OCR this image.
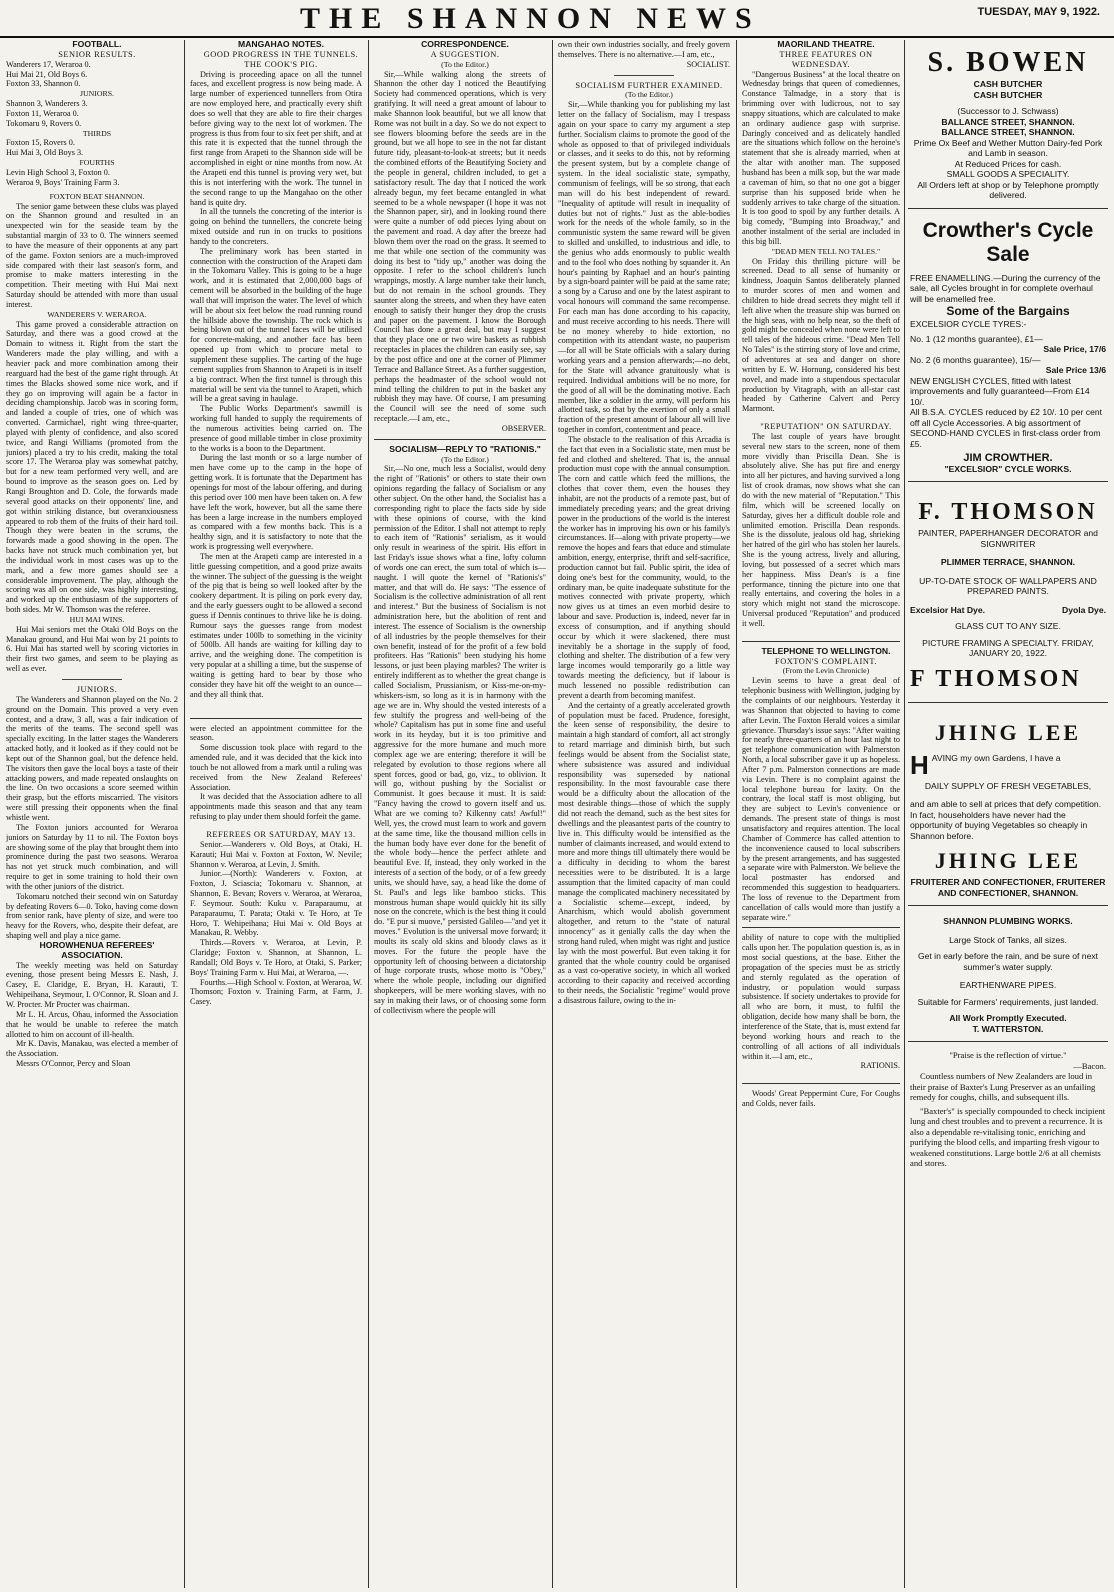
THE SHANNON NEWS	TUESDAY, MAY 9, 1922.

FOOTBALL.

SENIOR RESULTS.

Wanderers 17, Weraroa 0.
Hui Mai 21, Old Boys 6.
Foxton 33, Shannon 0.

JUNIORS.

Shannon 3, Wanderers 3.
Foxton 11, Weraroa 0.
Tokomaru 9, Rovers 0.

THIRDS

Foxton 15, Rovers 0.
Hui Mai 3, Old Boys 3.

FOURTHS

Levin High School 3, Foxton 0.
Weraroa 9, Boys' Training Farm 3.

FOXTON BEAT SHANNON.

The senior game between these clubs was played on the Shannon ground and resulted in an unexpected win for the seaside team by the substantial margin of 33 to 0. The winners seemed to have the measure of their opponents at any part of the game. Foxton seniors are a much-improved side compared with their last season's form, and promise to make matters interesting in the competition. Their meeting with Hui Mai next Saturday should be attended with more than usual interest.

WANDERERS V. WERAROA.

This game proved a considerable attraction on Saturday, and there was a good crowd at the Domain to witness it. Right from the start the Wanderers made the play willing, and with a heavier pack and more combination among their rearguard had the best of the game right through. At times the Blacks showed some nice work, and if they go on improving will again be a factor in deciding championship. Jacob was in scoring form, and landed a couple of tries, one of which was converted. Carmichael, right wing three-quarter, played with plenty of confidence, and also scored twice, and Rangi Williams (promoted from the juniors) placed a try to his credit, making the total score 17. The Weraroa play was somewhat patchy, but for a new team performed very well, and are bound to improve as the season goes on. Led by Rangi Broughton and D. Cole, the forwards made several good attacks on their opponents' line, and got within striking distance, but overanxiousness appeared to rob them of the fruits of their hard toil. Though they were beaten in the scrums, the forwards made a good showing in the open. The backs have not struck much combination yet, but the individual work in most cases was up to the mark, and a few more games should see a considerable improvement. The play, although the scoring was all on one side, was highly interesting, and worked up the enthusiasm of the supporters of both sides. Mr W. Thomson was the referee.

HUI MAI WINS.

Hui Mai seniors met the Otaki Old Boys on the Manakau ground, and Hui Mai won by 21 points to 6. Hui Mai has started well by scoring victories in their first two games, and seem to be playing as well as ever.

JUNIORS.

The Wanderers and Shannon played on the No. 2 ground on the Domain. This proved a very even contest, and a draw, 3 all, was a fair indication of the merits of the teams. The second spell was specially exciting. In the latter stages the Wanderers attacked hotly, and it looked as if they could not be kept out of the Shannon goal, but the defence held. The visitors then gave the local boys a taste of their attacking powers, and made repeated onslaughts on the line. On two occasions a score seemed within their grasp, but the efforts miscarried. The visitors were still pressing their opponents when the final whistle went.

The Foxton juniors accounted for Weraroa juniors on Saturday by 11 to nil. The Foxton boys are showing some of the play that brought them into prominence during the past two seasons. Weraroa has not yet struck much combination, and will require to get in some training to hold their own with the other juniors of the district.

Tokomaru notched their second win on Saturday by defeating Rovers 6—0. Toko, having come down from senior rank, have plenty of size, and were too heavy for the Rovers, who, despite their defeat, are shaping well and play a nice game.

HOROWHENUA REFEREES' ASSOCIATION.

The weekly meeting was held on Saturday evening, those present being Messrs E. Nash, J. Casey, E. Claridge, E. Bryan, H. Karauti, T. Wehipeihana, Seymour, I. O'Connor, R. Sloan and J. W. Procter. Mr Procter was chairman.

Mr L. H. Arcus, Ohau, informed the Association that he would be unable to referee the match allotted to him on account of ill-health.

Mr K. Davis, Manakau, was elected a member of the Association.

Messrs O'Connor, Percy and Sloan

MANGAHAO NOTES.

GOOD PROGRESS IN THE TUNNELS.

THE COOK'S PIG.

Driving is proceeding apace on all the tunnel faces, and excellent progress is now being made. A large number of experienced tunnellers from Otira are now employed here, and practically every shift does so well that they are able to fire their charges before giving way to the next lot of workmen. The progress is thus from four to six feet per shift, and at this rate it is expected that the tunnel through the first range from Arapeti to the Shannon side will be accomplished in eight or nine months from now. At the Arapeti end this tunnel is proving very wet, but this is not interfering with the work. The tunnel in the second range to up the Mangahao on the other hand is quite dry.

In all the tunnels the concreting of the interior is going on behind the tunnellers, the concrete being mixed outside and run in on trucks to positions handy to the concreters.

The preliminary work has been started in connection with the construction of the Arapeti dam in the Tokomaru Valley. This is going to be a huge work, and it is estimated that 2,000,000 bags of cement will be absorbed in the building of the huge wall that will imprison the water. The level of which will be about six feet below the road running round the hillside above the township. The rock which is being blown out of the tunnel faces will be utilised for concrete-making, and another face has been opened up from which to procure metal to supplement these supplies. The carting of the huge cement supplies from Shannon to Arapeti is in itself a big contract. When the first tunnel is through this material will be sent via the tunnel to Arapeti, which will be a great saving in haulage.

The Public Works Department's sawmill is working full handed to supply the requirements of the numerous activities being carried on. The presence of good millable timber in close proximity to the works is a boon to the Department.

During the last month or so a large number of men have come up to the camp in the hope of getting work. It is fortunate that the Department has openings for most of the labour offering, and during this period over 100 men have been taken on. A few have left the work, however, but all the same there has been a large increase in the numbers employed as compared with a few months back. This is a healthy sign, and it is satisfactory to note that the work is progressing well everywhere.

The men at the Arapeti camp are interested in a little guessing competition, and a good prize awaits the winner. The subject of the guessing is the weight of the pig that is being so well looked after by the cookery department. It is piling on pork every day, and the early guessers ought to be allowed a second guess if Dennis continues to thrive like he is doing. Rumour says the guesses range from modest estimates under 100lb to something in the vicinity of 500lb. All hands are waiting for killing day to arrive, and the weighing done. The competition is very popular at a shilling a time, but the suspense of waiting is getting hard to bear by those who consider they have hit off the weight to an ounce—and they all think that.

were elected an appointment committee for the season.

Some discussion took place with regard to the amended rule, and it was decided that the kick into touch be not allowed from a mark until a ruling was received from the New Zealand Referees' Association.

It was decided that the Association adhere to all appointments made this season and that any team refusing to play under them should forfeit the game.

REFEREES OR SATURDAY, MAY 13.

Senior.—Wanderers v. Old Boys, at Otaki, H. Karauti; Hui Mai v. Foxton at Foxton, W. Nevile; Shannon v. Weraroa, at Levin, J. Smith.

Junior.—(North): Wanderers v. Foxton, at Foxton, J. Sciascia; Tokomaru v. Shannon, at Shannon, E. Bevan; Rovers v. Weraroa, at Weraroa, F. Seymour. South: Kuku v. Paraparaumu, at Paraparaumu, T. Parata; Otaki v. Te Horo, at Te Horo, T. Wehipeihana; Hui Mai v. Old Boys at Manakau, R. Webby.

Thirds.—Rovers v. Weraroa, at Levin, P. Claridge; Foxton v. Shannon, at Shannon, L. Randall; Old Boys v. Te Horo, at Otaki, S. Parker; Boys' Training Farm v. Hui Mai, at Weraroa, —.

Fourths.—High School v. Foxton, at Weraroa, W. Thomson; Foxton v. Training Farm, at Farm, J. Casey.

CORRESPONDENCE.

A SUGGESTION.

(To the Editor.)

Sir,—While walking along the streets of Shannon the other day I noticed the Beautifying Society had commenced operations, which is very gratifying. It will need a great amount of labour to make Shannon look beautiful, but we all know that Rome was not built in a day. So we do not expect to see flowers blooming before the seeds are in the ground, but we all hope to see in the not far distant future tidy, pleasant-to-look-at streets; but it needs the combined efforts of the Beautifying Society and the people in general, children included, to get a satisfactory result. The day that I noticed the work already begun, my feet became entangled in what seemed to be a whole newspaper (I hope it was not the Shannon paper, sir), and in looking round there were quite a number of odd pieces lying about on the pavement and road. A day after the breeze had blown them over the road on the grass. It seemed to me that while one section of the community was doing its best to "tidy up," another was doing the opposite. I refer to the school children's lunch wrappings, mostly. A large number take their lunch, but do not remain in the school grounds. They saunter along the streets, and when they have eaten enough to satisfy their hunger they drop the crusts and paper on the pavement. I know the Borough Council has done a great deal, but may I suggest that they place one or two wire baskets as rubbish receptacles in places the children can easily see, say by the post office and one at the corner of Plimmer Terrace and Ballance Street. As a further suggestion, perhaps the headmaster of the school would not mind telling the children to put in the basket any rubbish they may have. Of course, I am presuming the Council will see the need of some such receptacle.—I am, etc.,

OBSERVER.

SOCIALISM—REPLY TO "RATIONIS."

(To the Editor.)

Sir,—No one, much less a Socialist, would deny the right of "Rationis" or others to state their own opinions regarding the fallacy of Socialism or any other subject. On the other hand, the Socialist has a corresponding right to place the facts side by side with these opinions of course, with the kind permission of the Editor. I shall not attempt to reply to each item of "Rationis" serialism, as it would only result in weariness of the spirit. His effort in last Friday's issue shows what a fine, lofty column of words one can erect, the sum total of which is—naught. I will quote the kernel of "Rationis's" matter, and that will do. He says: "The essence of Socialism is the collective administration of all rent and interest." But the business of Socialism is not administration here, but the abolition of rent and interest. The essence of Socialism is the ownership of all industries by the people themselves for their own benefit, instead of for the profit of a few bold profiteers. Has "Rationis" been studying his home lessons, or just been playing marbles? The writer is entirely indifferent as to whether the great change is called Socialism, Prussianism, or Kiss-me-on-my-whiskers-ism, so long as it is in harmony with the age we are in. Why should the vested interests of a few stultify the progress and well-being of the whole? Capitalism has put in some fine and useful work in its heyday, but it is too primitive and aggressive for the more humane and much more complex age we are entering; therefore it will be relegated by evolution to those regions where all spent forces, good or bad, go, viz., to oblivion. It will go, without pushing by the Socialist or Communist. It goes because it must. It is said: "Fancy having the crowd to govern itself and us. What are we coming to? Kilkenny cats! Awful!" Well, yes, the crowd must learn to work and govern at the same time, like the thousand million cells in the human body have ever done for the benefit of the whole body—hence the perfect athlete and beautiful Eve. If, instead, they only worked in the interests of a section of the body, or of a few greedy units, we should have, say, a head like the dome of St. Paul's and legs like bamboo sticks. This monstrous human shape would quickly hit its silly nose on the concrete, which is the best thing it could do. "E pur si muove," persisted Galileo—"and yet it moves." Evolution is the universal move forward; it moults its scaly old skins and bloody claws as it moves. For the future the people have the opportunity left of choosing between a dictatorship of huge corporate trusts, whose motto is "Obey," where the whole people, including our dignified shopkeepers, will be mere working slaves, with no say in making their laws, or of choosing some form of collectivism where the people will

own their own industries socially, and freely govern themselves. There is no alternative.—I am, etc.,

SOCIALIST.

SOCIALISM FURTHER EXAMINED.

(To the Editor.)

Sir,—While thanking you for publishing my last letter on the fallacy of Socialism, may I trespass again on your space to carry my argument a step further. Socialism claims to promote the good of the whole as opposed to that of privileged individuals or classes, and it seeks to do this, not by reforming the present system, but by a complete change of system. In the ideal socialistic state, sympathy, communism of feelings, will be so strong, that each man will do his best independent of reward. "Inequality of aptitude will result in inequality of duties but not of rights." Just as the able-bodies work for the needs of the whole family, so in the communistic system the same reward will be given to skilled and unskilled, to industrious and idle, to the genius who adds enormously to public wealth and to the fool who does nothing by squander it. An hour's painting by Raphael and an hour's painting by a sign-board painter will be paid at the same rate; a song by a Caruso and one by the latest aspirant to vocal honours will command the same recompense. For each man has done according to his capacity, and must receive according to his needs. There will be no money whereby to hide extortion, no competition with its attendant waste, no pauperism—for all will be State officials with a salary during working years and a pension afterwards;—no debt, for the State will advance gratuitously what is required. Individual ambitions will be no more, for the good of all will be the dominating motive. Each member, like a soldier in the army, will perform his allotted task, so that by the exertion of only a small fraction of the present amount of labour all will live together in comfort, contentment and peace.

The obstacle to the realisation of this Arcadia is the fact that even in a Socialistic state, men must be fed and clothed and sheltered. That is, the annual production must cope with the annual consumption. The corn and cattle which feed the millions, the clothes that cover them, even the houses they inhabit, are not the products of a remote past, but of immediately preceding years; and the great driving power in the productions of the world is the interest the worker has in improving his own or his family's circumstances. If—along with private property—we remove the hopes and fears that educe and stimulate ambition, energy, enterprise, thrift and self-sacrifice, production cannot but fail. Public spirit, the idea of doing one's best for the community, would, to the ordinary man, be quite inadequate substitute for the motives connected with private property, which now gives us at times an even morbid desire to labour and save. Production is, indeed, never far in excess of consumption, and if anything should occur by which it were slackened, there must inevitably be a shortage in the supply of food, clothing and shelter. The distribution of a few very large incomes would temporarily go a little way towards meeting the deficiency, but if labour is much lessened no possible redistribution can prevent a dearth from becoming manifest.

And the certainty of a greatly accelerated growth of population must be faced. Prudence, foresight, the keen sense of responsibility, the desire to maintain a high standard of comfort, all act strongly to retard marriage and diminish birth, but such feelings would be absent from the Socialist state, where subsistence was assured and individual responsibility was superseded by national responsibility. In the most favourable case there would be a difficulty about the allocation of the most desirable things—those of which the supply did not reach the demand, such as the best sites for dwellings and the pleasantest parts of the country to live in. This difficulty would be intensified as the number of claimants increased, and would extend to more and more things till ultimately there would be a difficulty in deciding to whom the barest necessities were to be distributed. It is a large assumption that the limited capacity of man could manage the complicated machinery necessitated by a Socialistic scheme—except, indeed, by Anarchism, which would abolish government altogether, and return to the "state of natural innocency" as it genially calls the day when the strong hand ruled, when might was right and justice lay with the most powerful. But even taking it for granted that the whole country could be organised as a vast co-operative society, in which all worked according to their capacity and received according to their needs, the Socialistic "regime" would prove a disastrous failure, owing to the in-

MAORILAND THEATRE.

THREE FEATURES ON WEDNESDAY.

"Dangerous Business" at the local theatre on Wednesday brings that queen of comediennes, Constance Talmadge, in a story that is brimming over with ludicrous, not to say snappy situations, which are calculated to make an ordinary audience gasp with surprise. Daringly conceived and as delicately handled are the situations which follow on the heroine's statement that she is already married, when at the altar with another man. The supposed husband has been a milk sop, but the war made a caveman of him, so that no one got a bigger surprise than his supposed bride when he suddenly arrives to take charge of the situation. It is too good to spoil by any further details. A big comedy, "Bumping into Broadway," and another instalment of the serial are included in this big bill.

"DEAD MEN TELL NO TALES."

On Friday this thrilling picture will be screened. Dead to all sense of humanity or kindness, Joaquin Santos deliberately planned to murder scores of men and women and children to hide dread secrets they might tell if left alive when the treasure ship was burned on the high seas, with no help near, so the theft of gold might be concealed when none were left to tell tales of the hideous crime. "Dead Men Tell No Tales" is the stirring story of love and crime, of adventures at sea and danger on shore written by E. W. Hornung, considered his best novel, and made into a stupendous spectacular production by Vitagraph, with an all-star cast headed by Catherine Calvert and Percy Marmont.

"REPUTATION" ON SATURDAY.

The last couple of years have brought several new stars to the screen, none of them more vividly than Priscilla Dean. She is absolutely alive. She has put fire and energy into all her pictures, and having survived a long list of crook dramas, now shows what she can do with the new material of "Reputation." This film, which will be screened locally on Saturday, gives her a difficult double role and unlimited emotion. Priscilla Dean responds. She is the dissolute, jealous old hag, shrieking her hatred of the girl who has stolen her laurels. She is the young actress, lively and alluring, loving, but possessed of a secret which mars her happiness. Miss Dean's is a fine performance, tinning the picture into one that really entertains, and covering the holes in a story which might not stand the microscope. Universal produced "Reputation" and produced it well.

TELEPHONE TO WELLINGTON.

FOXTON'S COMPLAINT.

(From the Levin Chronicle)

Levin seems to have a great deal of telephonic business with Wellington, judging by the complaints of our neighbours. Yesterday it was Shannon that objected to having to come after Levin. The Foxton Herald voices a similar grievance. Thursday's issue says: "After waiting for nearly three-quarters of an hour last night to get telephone communication with Palmerston North, a local subscriber gave it up as hopeless. After 7 p.m. Palmerston connections are made via Levin. There is no complaint against the local telephone bureau for laxity. On the contrary, the local staff is most obliging, but they are subject to Levin's convenience or demands. The present state of things is most unsatisfactory and requires attention. The local Chamber of Commerce has called attention to the inconvenience caused to local subscribers by the present arrangements, and has suggested a separate wire with Palmerston. We believe the local postmaster has endorsed and recommended this suggestion to headquarters. The loss of revenue to the Department from cancellation of calls would more than justify a separate wire."

ability of nature to cope with the multiplied calls upon her. The population question is, as in most social questions, at the base. Either the propagation of the species must be as strictly and sternly regulated as the operation of industry, or population would surpass subsistence. If society undertakes to provide for all who are born, it must, to fulfil the obligation, decide how many shall be born, the interference of the State, that is, must extend far beyond working hours and reach to the controlling of all actions of all individuals within it.—I am, etc.,

RATIONIS.

Woods' Great Peppermint Cure, For Coughs and Colds, never fails.

S. BOWEN
CASH BUTCHER
CASH BUTCHER
(Successor to J. Schwass)
BALLANCE STREET, SHANNON.
BALLANCE STREET, SHANNON.
Prime Ox Beef and Wether Mutton Dairy-fed Pork and Lamb in season.
At Reduced Prices for cash.
SMALL GOODS A SPECIALITY.
All Orders left at shop or by Telephone promptly delivered.
Crowther's Cycle Sale
FREE ENAMELLING.—During the currency of the sale, all Cycles brought in for complete overhaul will be enamelled free.
Some of the Bargains
EXCELSIOR CYCLE TYRES:-
No. 1 (12 months guarantee), £1—
Sale Price, 17/6
No. 2 (6 months guarantee), 15/—
Sale Price 13/6
NEW ENGLISH CYCLES, fitted with latest improvements and fully guaranteed—From £14 10/.
All B.S.A. CYCLES reduced by £2 10/. 10 per cent off all Cycle Accessories. A big assortment of SECOND-HAND CYCLES in first-class order from £5.
JIM CROWTHER.
"EXCELSIOR" CYCLE WORKS.
F. THOMSON
PAINTER, PAPERHANGER DECORATOR and SIGNWRITER
PLIMMER TERRACE, SHANNON.
UP-TO-DATE STOCK OF WALLPAPERS AND PREPARED PAINTS.
Excelsior Hat Dye.	Dyola Dye.
GLASS CUT TO ANY SIZE.
PICTURE FRAMING A SPECIALTY. FRIDAY, JANUARY 20, 1922.
F THOMSON
JHING LEE
H AVING my own Gardens, I have a
DAILY SUPPLY OF FRESH VEGETABLES,
and am able to sell at prices that defy competition. In fact, householders have never had the opportunity of buying Vegetables so cheaply in Shannon before.
JHING LEE
FRUITERER AND CONFECTIONER, FRUITERER AND CONFECTIONER, SHANNON.
SHANNON PLUMBING WORKS.
Large Stock of Tanks, all sizes.
Get in early before the rain, and be sure of next summer's water supply.
EARTHENWARE PIPES.
Suitable for Farmers' requirements, just landed.
All Work Promptly Executed.
T. WATTERSTON.
"Praise is the reflection of virtue."
—Bacon.
Countless numbers of New Zealanders are loud in their praise of Baxter's Lung Preserver as an unfailing remedy for coughs, chills, and subsequent ills.
"Baxter's" is specially compounded to check incipient lung and chest troubles and to prevent a recurrence. It is also a dependable re-vitalising tonic, enriching and purifying the blood cells, and imparting fresh vigour to weakened constitutions. Large bottle 2/6 at all chemists and stores.
